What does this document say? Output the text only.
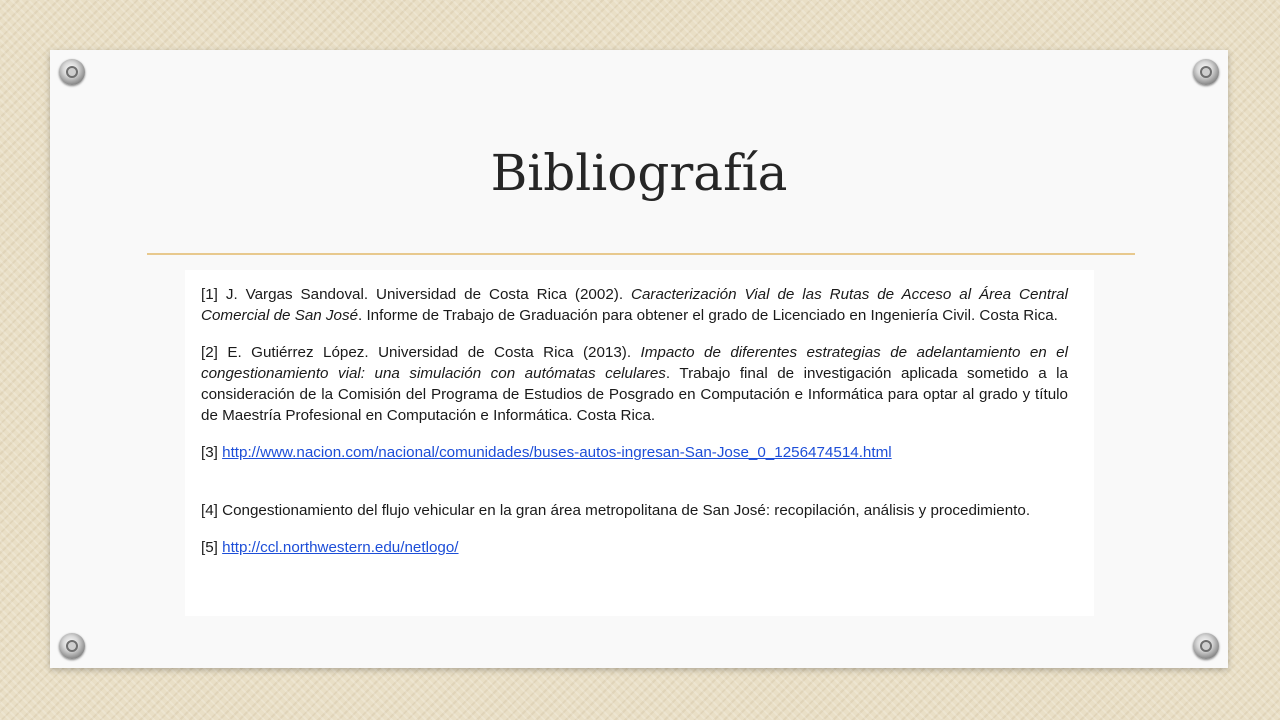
Bibliografía

[1] J. Vargas Sandoval. Universidad de Costa Rica (2002). Caracterización Vial de las Rutas de Acceso al Área Central Comercial de San José. Informe de Trabajo de Graduación para obtener el grado de Licenciado en Ingeniería Civil. Costa Rica.

[2] E. Gutiérrez López. Universidad de Costa Rica (2013). Impacto de diferentes estrategias de adelantamiento en el congestionamiento vial: una simulación con autómatas celulares. Trabajo final de investigación aplicada sometido a la consideración de la Comisión del Programa de Estudios de Posgrado en Computación e Informática para optar al grado y título de Maestría Profesional en Computación e Informática. Costa Rica.

[3] http://www.nacion.com/nacional/comunidades/buses-autos-ingresan-San-Jose_0_1256474514.html

[4] Congestionamiento del flujo vehicular en la gran área metropolitana de San José: recopilación, análisis y procedimiento.

[5] http://ccl.northwestern.edu/netlogo/
